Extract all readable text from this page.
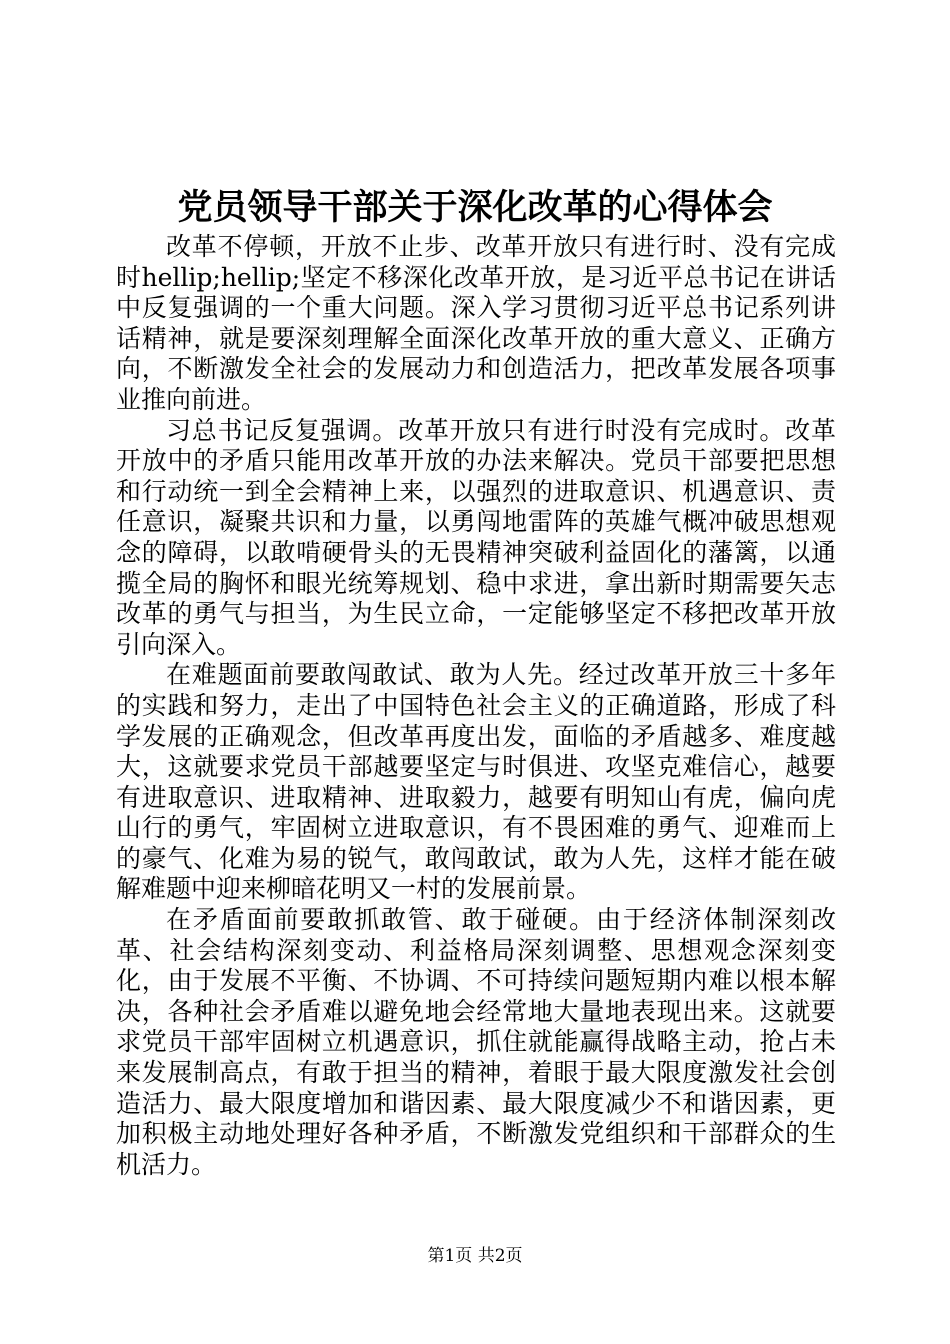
党员领导干部关于深化改革的心得体会

改革不停顿，开放不止步、改革开放只有进行时、没有完成时hellip;hellip;坚定不移深化改革开放，是习近平总书记在讲话中反复强调的一个重大问题。深入学习贯彻习近平总书记系列讲话精神，就是要深刻理解全面深化改革开放的重大意义、正确方向，不断激发全社会的发展动力和创造活力，把改革发展各项事业推向前进。

习总书记反复强调。改革开放只有进行时没有完成时。改革开放中的矛盾只能用改革开放的办法来解决。党员干部要把思想和行动统一到全会精神上来，以强烈的进取意识、机遇意识、责任意识，凝聚共识和力量，以勇闯地雷阵的英雄气概冲破思想观念的障碍，以敢啃硬骨头的无畏精神突破利益固化的藩篱，以通揽全局的胸怀和眼光统筹规划、稳中求进，拿出新时期需要矢志改革的勇气与担当，为生民立命，一定能够坚定不移把改革开放引向深入。

在难题面前要敢闯敢试、敢为人先。经过改革开放三十多年的实践和努力，走出了中国特色社会主义的正确道路，形成了科学发展的正确观念，但改革再度出发，面临的矛盾越多、难度越大，这就要求党员干部越要坚定与时俱进、攻坚克难信心，越要有进取意识、进取精神、进取毅力，越要有明知山有虎，偏向虎山行的勇气，牢固树立进取意识，有不畏困难的勇气、迎难而上的豪气、化难为易的锐气，敢闯敢试，敢为人先，这样才能在破解难题中迎来柳暗花明又一村的发展前景。

在矛盾面前要敢抓敢管、敢于碰硬。由于经济体制深刻改革、社会结构深刻变动、利益格局深刻调整、思想观念深刻变化，由于发展不平衡、不协调、不可持续问题短期内难以根本解决，各种社会矛盾难以避免地会经常地大量地表现出来。这就要求党员干部牢固树立机遇意识，抓住就能赢得战略主动，抢占未来发展制高点，有敢于担当的精神，着眼于最大限度激发社会创造活力、最大限度增加和谐因素、最大限度减少不和谐因素，更加积极主动地处理好各种矛盾，不断激发党组织和干部群众的生机活力。

第1页 共2页
